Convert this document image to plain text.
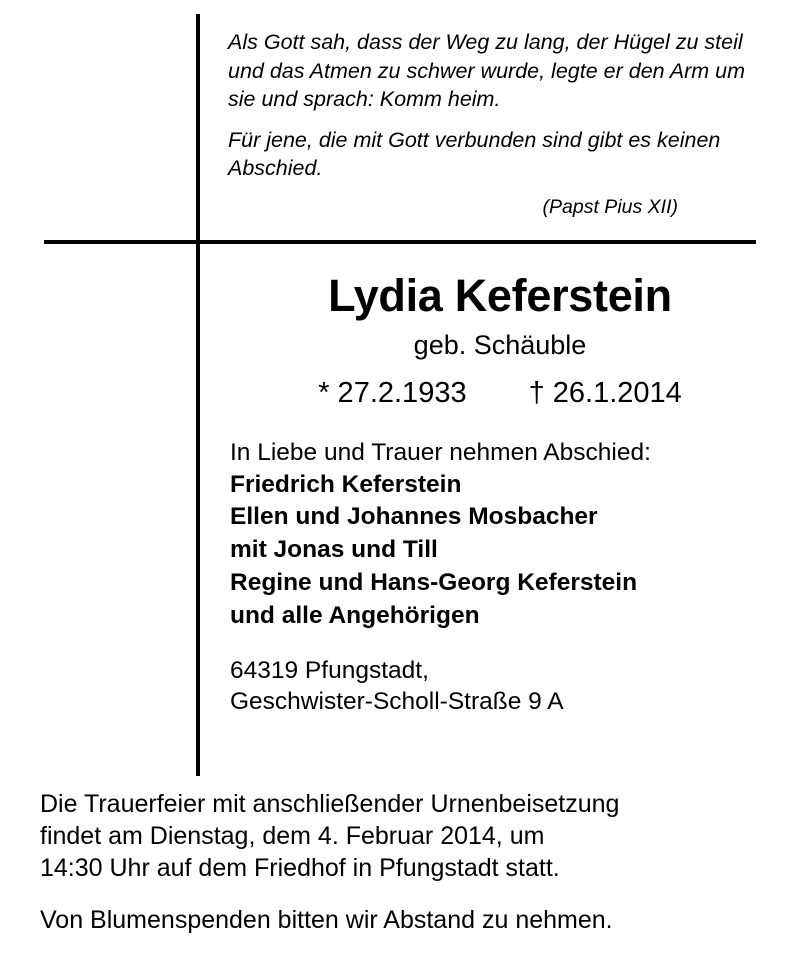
Als Gott sah, dass der Weg zu lang, der Hügel zu steil und das Atmen zu schwer wurde, legte er den Arm um sie und sprach: Komm heim.

Für jene, die mit Gott verbunden sind gibt es keinen Abschied.

(Papst Pius XII)

Lydia Keferstein

geb. Schäuble

* 27.2.1933 † 26.1.2014

In Liebe und Trauer nehmen Abschied:

Friedrich Keferstein

Ellen und Johannes Mosbacher

mit Jonas und Till

Regine und Hans-Georg Keferstein

und alle Angehörigen

64319 Pfungstadt,

Geschwister-Scholl-Straße 9 A

Die Trauerfeier mit anschließender Urnenbeisetzung

findet am Dienstag, dem 4. Februar 2014, um

14:30 Uhr auf dem Friedhof in Pfungstadt statt.

Von Blumenspenden bitten wir Abstand zu nehmen.
